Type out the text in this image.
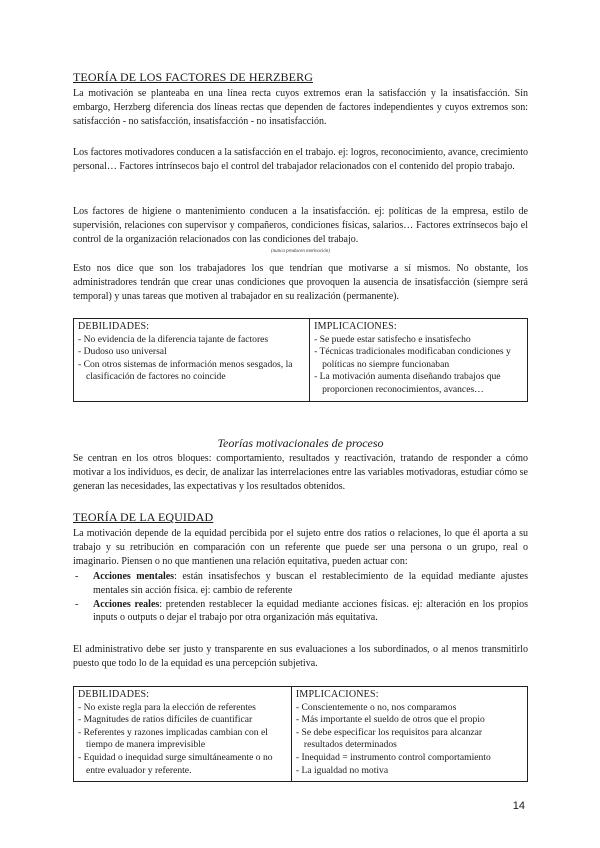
TEORÍA DE LOS FACTORES DE HERZBERG
La motivación se planteaba en una línea recta cuyos extremos eran la satisfacción y la insatisfacción. Sin embargo, Herzberg diferencia dos líneas rectas que dependen de factores independientes y cuyos extremos son: satisfacción - no satisfacción, insatisfacción - no insatisfacción.
Los factores motivadores conducen a la satisfacción en el trabajo. ej: logros, reconocimiento, avance, crecimiento personal… Factores intrínsecos bajo el control del trabajador relacionados con el contenido del propio trabajo.
Los factores de higiene o mantenimiento conducen a la insatisfacción. ej: políticas de la empresa, estilo de supervisión, relaciones con supervisor y compañeros, condiciones físicas, salarios… Factores extrínsecos bajo el control de la organización relacionados con las condiciones del trabajo.
(nunca producen motivación)
Esto nos dice que son los trabajadores los que tendrían que motivarse a sí mismos. No obstante, los administradores tendrán que crear unas condiciones que provoquen la ausencia de insatisfacción (siempre será temporal) y unas tareas que motiven al trabajador en su realización (permanente).
DEBILIDADES:
- No evidencia de la diferencia tajante de factores
- Dudoso uso universal
- Con otros sistemas de información menos sesgados, la clasificación de factores no coincide

IMPLICACIONES:
- Se puede estar satisfecho e insatisfecho
- Técnicas tradicionales modificaban condiciones y políticas no siempre funcionaban
- La motivación aumenta diseñando trabajos que proporcionen reconocimientos, avances…
Teorías motivacionales de proceso
Se centran en los otros bloques: comportamiento, resultados y reactivación, tratando de responder a cómo motivar a los individuos, es decir, de analizar las interrelaciones entre las variables motivadoras, estudiar cómo se generan las necesidades, las expectativas y los resultados obtenidos.
TEORÍA DE LA EQUIDAD
La motivación depende de la equidad percibida por el sujeto entre dos ratios o relaciones, lo que él aporta a su trabajo y su retribución en comparación con un referente que puede ser una persona o un grupo, real o imaginario. Piensen o no que mantienen una relación equitativa, pueden actuar con:
- Acciones mentales: están insatisfechos y buscan el restablecimiento de la equidad mediante ajustes mentales sin acción física. ej: cambio de referente
- Acciones reales: pretenden restablecer la equidad mediante acciones físicas. ej: alteración en los propios inputs o outputs o dejar el trabajo por otra organización más equitativa.
El administrativo debe ser justo y transparente en sus evaluaciones a los subordinados, o al menos transmitirlo puesto que todo lo de la equidad es una percepción subjetiva.
DEBILIDADES:
- No existe regla para la elección de referentes
- Magnitudes de ratios difíciles de cuantificar
- Referentes y razones implicadas cambian con el tiempo de manera imprevisible
- Equidad o inequidad surge simultáneamente o no entre evaluador y referente.

IMPLICACIONES:
- Conscientemente o no, nos comparamos
- Más importante el sueldo de otros que el propio
- Se debe especificar los requisitos para alcanzar resultados determinados
- Inequidad = instrumento control comportamiento
- La igualdad no motiva
14
